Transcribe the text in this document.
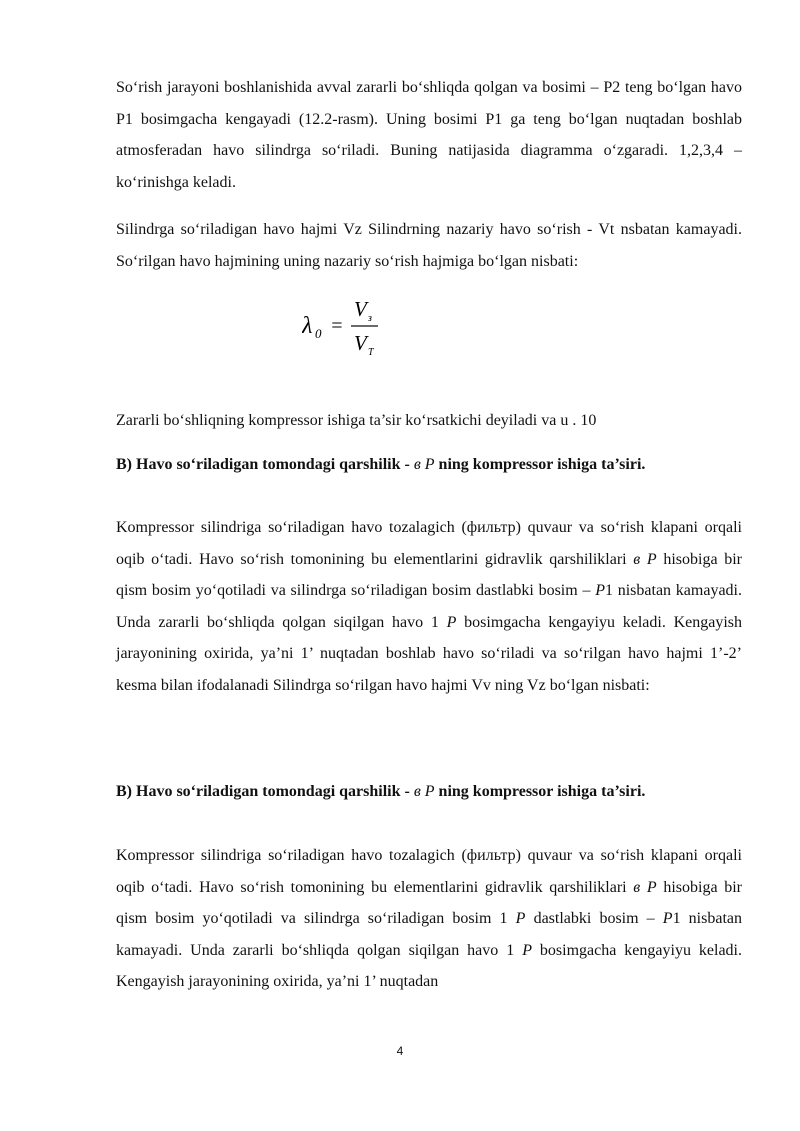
So‘rish jarayoni boshlanishida avval zararli bo‘shliqda qolgan va bosimi – P2 teng bo‘lgan havo P1 bosimgacha kengayadi (12.2-rasm). Uning bosimi P1 ga teng bo‘lgan nuqtadan boshlab atmosferadan havo silindrga so‘riladi. Buning natijasida diagramma o‘zgaradi. 1,2,3,4 – ko‘rinishga keladi.

Silindrga so‘riladigan havo hajmi Vz Silindrning nazariy havo so‘rish - Vt nsbatan kamayadi. So‘rilgan havo hajmining uning nazariy so‘rish hajmiga bo‘lgan nisbati:

λ 0 =
V з
V T

Zararli bo‘shliqning kompressor ishiga ta’sir ko‘rsatkichi deyiladi va u . 10

B) Havo so‘riladigan tomondagi qarshilik - в P ning kompressor ishiga ta’siri.

Kompressor silindriga so‘riladigan havo tozalagich (фильтр) quvaur va so‘rish klapani orqali oqib o‘tadi. Havo so‘rish tomonining bu elementlarini gidravlik qarshiliklari в P hisobiga bir qism bosim yo‘qotiladi va silindrga so‘riladigan bosim dastlabki bosim – P1 nisbatan kamayadi. Unda zararli bo‘shliqda qolgan siqilgan havo 1 P bosimgacha kengayiyu keladi. Kengayish jarayonining oxirida, ya’ni 1’ nuqtadan boshlab havo so‘riladi va so‘rilgan havo hajmi 1’-2’ kesma bilan ifodalanadi Silindrga so‘rilgan havo hajmi Vv ning Vz bo‘lgan nisbati:

B) Havo so‘riladigan tomondagi qarshilik - в P ning kompressor ishiga ta’siri.

Kompressor silindriga so‘riladigan havo tozalagich (фильтр) quvaur va so‘rish klapani orqali oqib o‘tadi. Havo so‘rish tomonining bu elementlarini gidravlik qarshiliklari в P hisobiga bir qism bosim yo‘qotiladi va silindrga so‘riladigan bosim 1 P dastlabki bosim – P1 nisbatan kamayadi. Unda zararli bo‘shliqda qolgan siqilgan havo 1 P bosimgacha kengayiyu keladi. Kengayish jarayonining oxirida, ya’ni 1’ nuqtadan

4
